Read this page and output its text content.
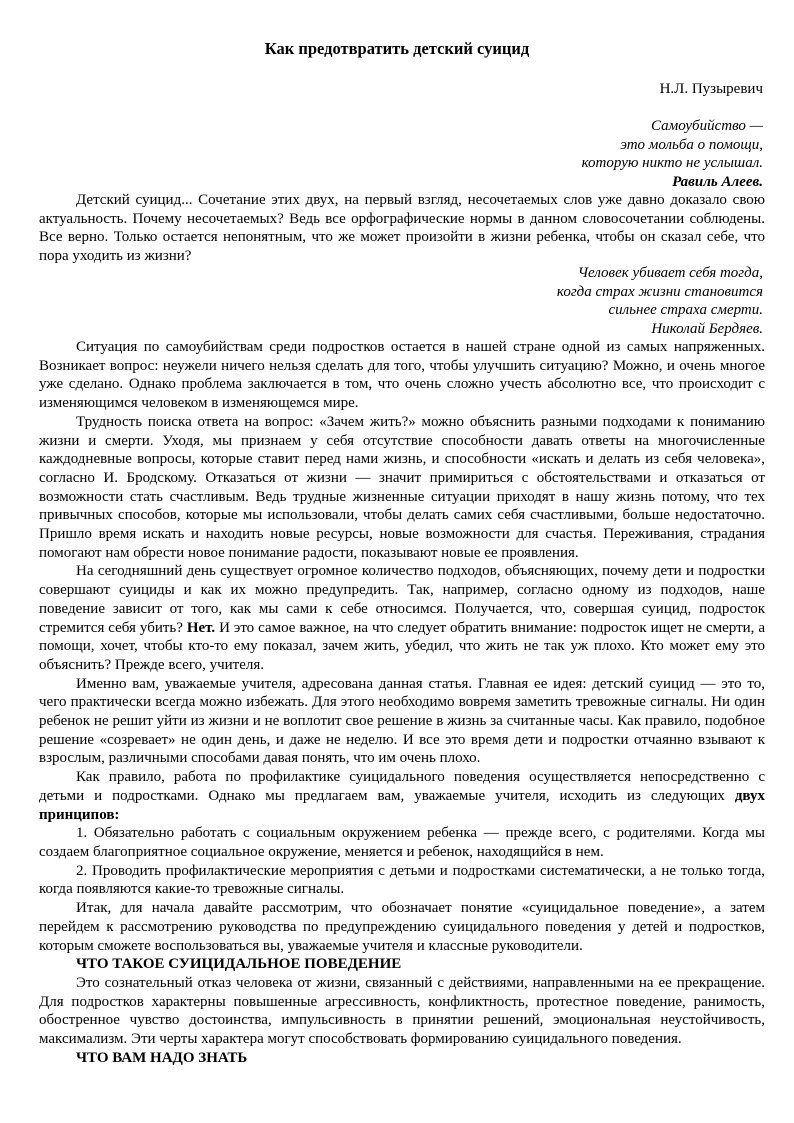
Как предотвратить детский суицид
Н.Л. Пузыревич
Самоубийство —
это мольба о помощи,
которую никто не услышал.
Равиль Алеев.

Детский суицид... Сочетание этих двух, на первый взгляд, несочетаемых слов уже давно доказало свою актуальность. Почему несочетаемых? Ведь все орфографические нормы в данном словосочетании соблюдены. Все верно. Только остается непонятным, что же может произойти в жизни ребенка, чтобы он сказал себе, что пора уходить из жизни?

Человек убивает себя тогда,
когда страх жизни становится
сильнее страха смерти.
Николай Бердяев.

Ситуация по самоубийствам среди подростков остается в нашей стране одной из самых напряженных. Возникает вопрос: неужели ничего нельзя сделать для того, чтобы улучшить ситуацию? Можно, и очень многое уже сделано. Однако проблема заключается в том, что очень сложно учесть абсолютно все, что происходит с изменяющимся человеком в изменяющемся мире.

Трудность поиска ответа на вопрос: «Зачем жить?» можно объяснить разными подходами к пониманию жизни и смерти. Уходя, мы признаем у себя отсутствие способности давать ответы на многочисленные каждодневные вопросы, которые ставит перед нами жизнь, и способности «искать и делать из себя человека», согласно И. Бродскому. Отказаться от жизни — значит примириться с обстоятельствами и отказаться от возможности стать счастливым. Ведь трудные жизненные ситуации приходят в нашу жизнь потому, что тех привычных способов, которые мы использовали, чтобы делать самих себя счастливыми, больше недостаточно. Пришло время искать и находить новые ресурсы, новые возможности для счастья. Переживания, страдания помогают нам обрести новое понимание радости, показывают новые ее проявления.

На сегодняшний день существует огромное количество подходов, объясняющих, почему дети и подростки совершают суициды и как их можно предупредить. Так, например, согласно одному из подходов, наше поведение зависит от того, как мы сами к себе относимся. Получается, что, совершая суицид, подросток стремится себя убить? Нет. И это самое важное, на что следует обратить внимание: подросток ищет не смерти, а помощи, хочет, чтобы кто-то ему показал, зачем жить, убедил, что жить не так уж плохо. Кто может ему это объяснить? Прежде всего, учителя.

Именно вам, уважаемые учителя, адресована данная статья. Главная ее идея: детский суицид — это то, чего практически всегда можно избежать. Для этого необходимо вовремя заметить тревожные сигналы. Ни один ребенок не решит уйти из жизни и не воплотит свое решение в жизнь за считанные часы. Как правило, подобное решение «созревает» не один день, и даже не неделю. И все это время дети и подростки отчаянно взывают к взрослым, различными способами давая понять, что им очень плохо.

Как правило, работа по профилактике суицидального поведения осуществляется непосредственно с детьми и подростками. Однако мы предлагаем вам, уважаемые учителя, исходить из следующих двух принципов:

1. Обязательно работать с социальным окружением ребенка — прежде всего, с родителями. Когда мы создаем благоприятное социальное окружение, меняется и ребенок, находящийся в нем.

2. Проводить профилактические мероприятия с детьми и подростками систематически, а не только тогда, когда появляются какие-то тревожные сигналы.

Итак, для начала давайте рассмотрим, что обозначает понятие «суицидальное поведение», а затем перейдем к рассмотрению руководства по предупреждению суицидального поведения у детей и подростков, которым сможете воспользоваться вы, уважаемые учителя и классные руководители.

ЧТО ТАКОЕ СУИЦИДАЛЬНОЕ ПОВЕДЕНИЕ

Это сознательный отказ человека от жизни, связанный с действиями, направленными на ее прекращение. Для подростков характерны повышенные агрессивность, конфликтность, протестное поведение, ранимость, обостренное чувство достоинства, импульсивность в принятии решений, эмоциональная неустойчивость, максимализм. Эти черты характера могут способствовать формированию суицидального поведения.

ЧТО ВАМ НАДО ЗНАТЬ
